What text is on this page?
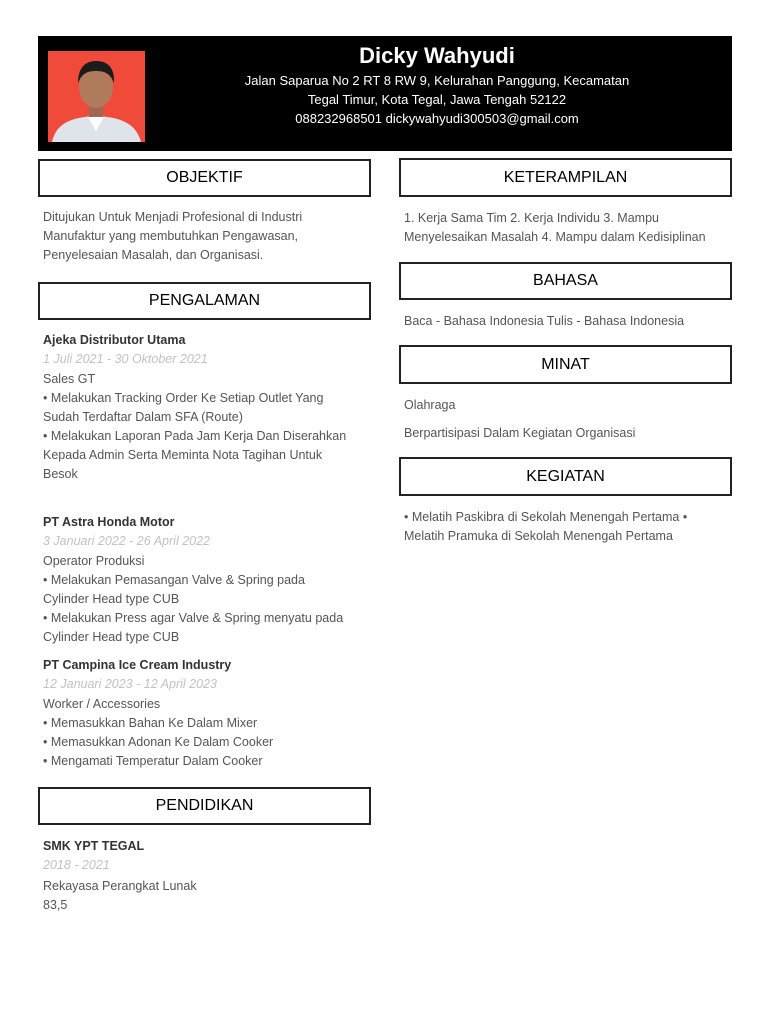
Dicky Wahyudi
Jalan Saparua No 2 RT 8 RW 9, Kelurahan Panggung, Kecamatan
Tegal Timur, Kota Tegal, Jawa Tengah 52122
088232968501 dickywahyudi300503@gmail.com
OBJEKTIF
Ditujukan Untuk Menjadi Profesional di Industri
Manufaktur yang membutuhkan Pengawasan,
Penyelesaian Masalah, dan Organisasi.
PENGALAMAN
Ajeka Distributor Utama
1 Juli 2021 - 30 Oktober 2021
Sales GT
• Melakukan Tracking Order Ke Setiap Outlet Yang
Sudah Terdaftar Dalam SFA (Route)
• Melakukan Laporan Pada Jam Kerja Dan Diserahkan
Kepada Admin Serta Meminta Nota Tagihan Untuk
Besok
PT Astra Honda Motor
3 Januari 2022 - 26 April 2022
Operator Produksi
• Melakukan Pemasangan Valve & Spring pada
Cylinder Head type CUB
• Melakukan Press agar Valve & Spring menyatu pada
Cylinder Head type CUB
PT Campina Ice Cream Industry
12 Januari 2023 - 12 April 2023
Worker / Accessories
• Memasukkan Bahan Ke Dalam Mixer
• Memasukkan Adonan Ke Dalam Cooker
• Mengamati Temperatur Dalam Cooker
PENDIDIKAN
SMK YPT TEGAL
2018 - 2021
Rekayasa Perangkat Lunak
83,5
KETERAMPILAN
1. Kerja Sama Tim 2. Kerja Individu 3. Mampu
Menyelesaikan Masalah 4. Mampu dalam Kedisiplinan
BAHASA
Baca - Bahasa Indonesia Tulis - Bahasa Indonesia
MINAT
Olahraga
Berpartisipasi Dalam Kegiatan Organisasi
KEGIATAN
• Melatih Paskibra di Sekolah Menengah Pertama •
Melatih Pramuka di Sekolah Menengah Pertama
